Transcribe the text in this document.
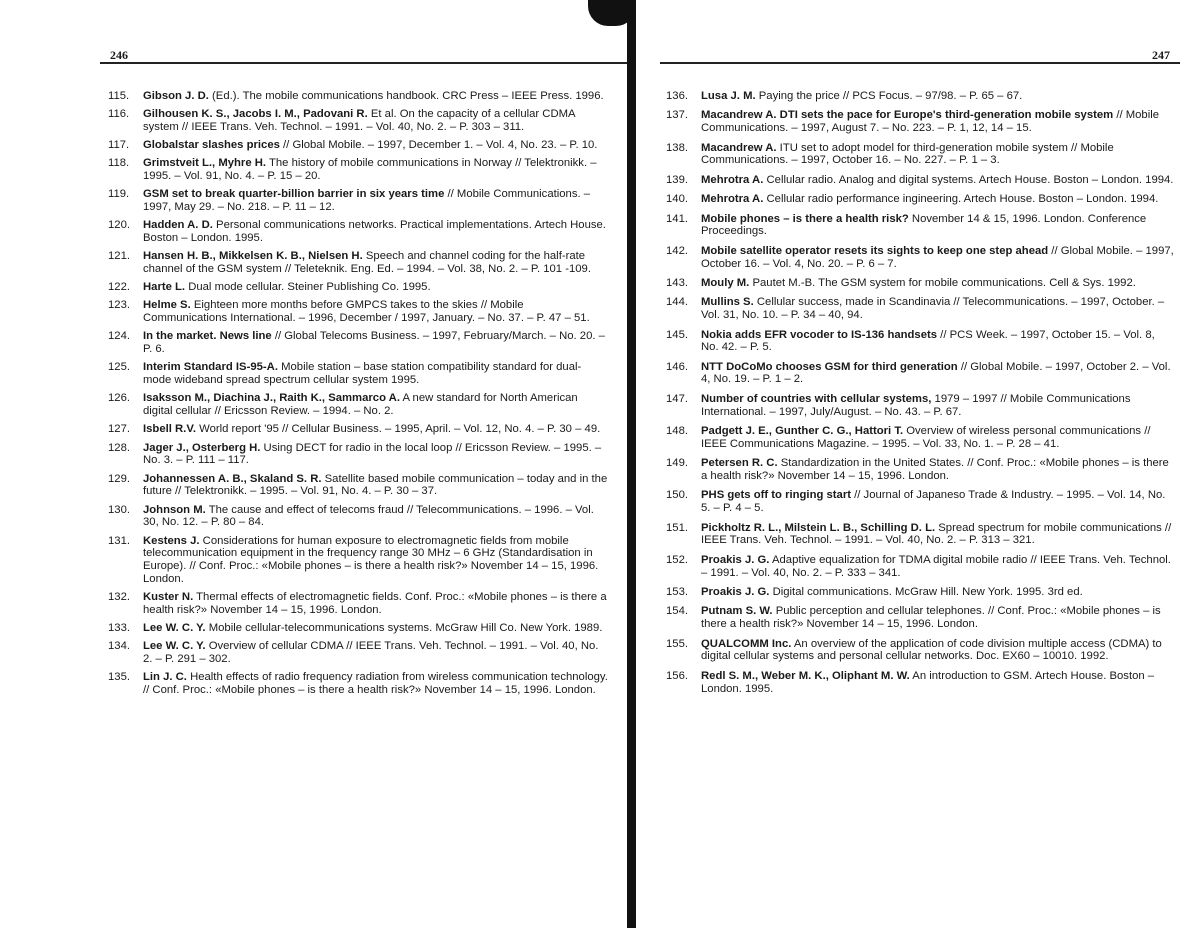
246
115.	Gibson J. D. (Ed.). The mobile communications handbook. CRC Press – IEEE Press. 1996.
116.	Gilhousen K. S., Jacobs I. M., Padovani R. Et al. On the capacity of a cellular CDMA system // IEEE Trans. Veh. Technol. – 1991. – Vol. 40, No. 2. – P. 303 – 311.
117.	Globalstar slashes prices // Global Mobile. – 1997, December 1. – Vol. 4, No. 23. – P. 10.
118.	Grimstveit L., Myhre H. The history of mobile communications in Norway // Telektronikk. – 1995. – Vol. 91, No. 4. – P. 15 – 20.
119.	GSM set to break quarter-billion barrier in six years time // Mobile Communications. – 1997, May 29. – No. 218. – P. 11 – 12.
120.	Hadden A. D. Personal communications networks. Practical implementations. Artech House. Boston – London. 1995.
121.	Hansen H. B., Mikkelsen K. B., Nielsen H. Speech and channel coding for the half-rate channel of the GSM system // Teleteknik. Eng. Ed. – 1994. – Vol. 38, No. 2. – P. 101 -109.
122.	Harte L. Dual mode cellular. Steiner Publishing Co. 1995.
123.	Helme S. Eighteen more months before GMPCS takes to the skies // Mobile Communications International. – 1996, December / 1997, January. – No. 37. – P. 47 – 51.
124.	In the market. News line // Global Telecoms Business. – 1997, February/March. – No. 20. – P. 6.
125.	Interim Standard IS-95-A. Mobile station – base station compatibility standard for dual-mode wideband spread spectrum cellular system 1995.
126.	Isaksson M., Diachina J., Raith K., Sammarco A. A new standard for North American digital cellular // Ericsson Review. – 1994. – No. 2.
127.	Isbell R.V. World report '95 // Cellular Business. – 1995, April. – Vol. 12, No. 4. – P. 30 – 49.
128.	Jager J., Osterberg H. Using DECT for radio in the local loop // Ericsson Review. – 1995. – No. 3. – P. 111 – 117.
129.	Johannessen A. B., Skaland S. R. Satellite based mobile communication – today and in the future // Telektronikk. – 1995. – Vol. 91, No. 4. – P. 30 – 37.
130.	Johnson M. The cause and effect of telecoms fraud // Telecommunications. – 1996. – Vol. 30, No. 12. – P. 80 – 84.
131.	Kestens J. Considerations for human exposure to electromagnetic fields from mobile telecommunication equipment in the frequency range 30 MHz – 6 GHz (Standardisation in Europe). // Conf. Proc.: «Mobile phones – is there a health risk?» November 14 – 15, 1996. London.
132.	Kuster N. Thermal effects of electromagnetic fields. Conf. Proc.: «Mobile phones – is there a health risk?» November 14 – 15, 1996. London.
133.	Lee W. C. Y. Mobile cellular-telecommunications systems. McGraw Hill Co. New York. 1989.
134.	Lee W. C. Y. Overview of cellular CDMA // IEEE Trans. Veh. Technol. – 1991. – Vol. 40, No. 2. – P. 291 – 302.
135.	Lin J. C. Health effects of radio frequency radiation from wireless communication technology. // Conf. Proc.: «Mobile phones – is there a health risk?» November 14 – 15, 1996. London.
247
136.	Lusa J. M. Paying the price // PCS Focus. – 97/98. – P. 65 – 67.
137.	Macandrew A. DTI sets the pace for Europe's third-generation mobile system // Mobile Communications. – 1997, August 7. – No. 223. – P. 1, 12, 14 – 15.
138.	Macandrew A. ITU set to adopt model for third-generation mobile system // Mobile Communications. – 1997, October 16. – No. 227. – P. 1 – 3.
139.	Mehrotra A. Cellular radio. Analog and digital systems. Artech House. Boston – London. 1994.
140.	Mehrotra A. Cellular radio performance ingineering. Artech House. Boston – London. 1994.
141.	Mobile phones – is there a health risk? November 14 & 15, 1996. London. Conference Proceedings.
142.	Mobile satellite operator resets its sights to keep one step ahead // Global Mobile. – 1997, October 16. – Vol. 4, No. 20. – P. 6 – 7.
143.	Mouly M. Pautet M.-B. The GSM system for mobile communications. Cell & Sys. 1992.
144.	Mullins S. Cellular success, made in Scandinavia // Telecommunications. – 1997, October. – Vol. 31, No. 10. – P. 34 – 40, 94.
145.	Nokia adds EFR vocoder to IS-136 handsets // PCS Week. – 1997, October 15. – Vol. 8, No. 42. – P. 5.
146.	NTT DoCoMo chooses GSM for third generation // Global Mobile. – 1997, October 2. – Vol. 4, No. 19. – P. 1 – 2.
147.	Number of countries with cellular systems, 1979 – 1997 // Mobile Communications International. – 1997, July/August. – No. 43. – P. 67.
148.	Padgett J. E., Gunther C. G., Hattori T. Overview of wireless personal communications // IEEE Communications Magazine. – 1995. – Vol. 33, No. 1. – P. 28 – 41.
149.	Petersen R. C. Standardization in the United States. // Conf. Proc.: «Mobile phones – is there a health risk?» November 14 – 15, 1996. London.
150.	PHS gets off to ringing start // Journal of Japaneso Trade & Industry. – 1995. – Vol. 14, No. 5. – P. 4 – 5.
151.	Pickholtz R. L., Milstein L. B., Schilling D. L. Spread spectrum for mobile communications // IEEE Trans. Veh. Technol. – 1991. – Vol. 40, No. 2. – P. 313 – 321.
152.	Proakis J. G. Adaptive equalization for TDMA digital mobile radio // IEEE Trans. Veh. Technol. – 1991. – Vol. 40, No. 2. – P. 333 – 341.
153.	Proakis J. G. Digital communications. McGraw Hill. New York. 1995. 3rd ed.
154.	Putnam S. W. Public perception and cellular telephones. // Conf. Proc.: «Mobile phones – is there a health risk?» November 14 – 15, 1996. London.
155.	QUALCOMM Inc. An overview of the application of code division multiple access (CDMA) to digital cellular systems and personal cellular networks. Doc. EX60 – 10010. 1992.
156.	Redl S. M., Weber M. K., Oliphant M. W. An introduction to GSM. Artech House. Boston – London. 1995.
